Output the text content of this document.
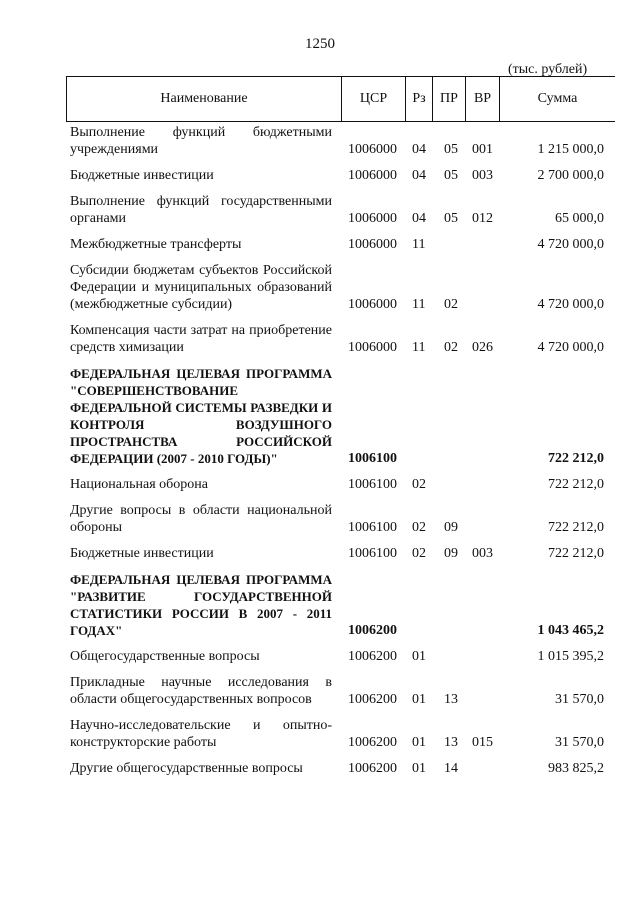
1250
(тыс. рублей)
Наименование	ЦСР	Рз	ПР	ВР	Сумма
Выполнение функций бюджетными учреждениями	1006000 04 05 001	1 215 000,0
Бюджетные инвестиции	1006000 04 05 003	2 700 000,0
Выполнение функций государственными органами	1006000 04 05 012	65 000,0
Межбюджетные трансферты	1006000 11	4 720 000,0
Субсидии бюджетам субъектов Российской Федерации и муниципальных образований (межбюджетные субсидии)	1006000 11 02	4 720 000,0
Компенсация части затрат на приобретение средств химизации	1006000 11 02 026	4 720 000,0
ФЕДЕРАЛЬНАЯ ЦЕЛЕВАЯ ПРОГРАММА "СОВЕРШЕНСТВОВАНИЕ ФЕДЕРАЛЬНОЙ СИСТЕМЫ РАЗВЕДКИ И КОНТРОЛЯ ВОЗДУШНОГО ПРОСТРАНСТВА РОССИЙСКОЙ ФЕДЕРАЦИИ (2007 - 2010 ГОДЫ)"	1006100	722 212,0
Национальная оборона	1006100 02	722 212,0
Другие вопросы в области национальной обороны	1006100 02 09	722 212,0
Бюджетные инвестиции	1006100 02 09 003	722 212,0
ФЕДЕРАЛЬНАЯ ЦЕЛЕВАЯ ПРОГРАММА "РАЗВИТИЕ ГОСУДАРСТВЕННОЙ СТАТИСТИКИ РОССИИ В 2007 - 2011 ГОДАХ"	1006200	1 043 465,2
Общегосударственные вопросы	1006200 01	1 015 395,2
Прикладные научные исследования в области общегосударственных вопросов	1006200 01 13	31 570,0
Научно-исследовательские и опытно-конструкторские работы	1006200 01 13 015	31 570,0
Другие общегосударственные вопросы	1006200 01 14	983 825,2
